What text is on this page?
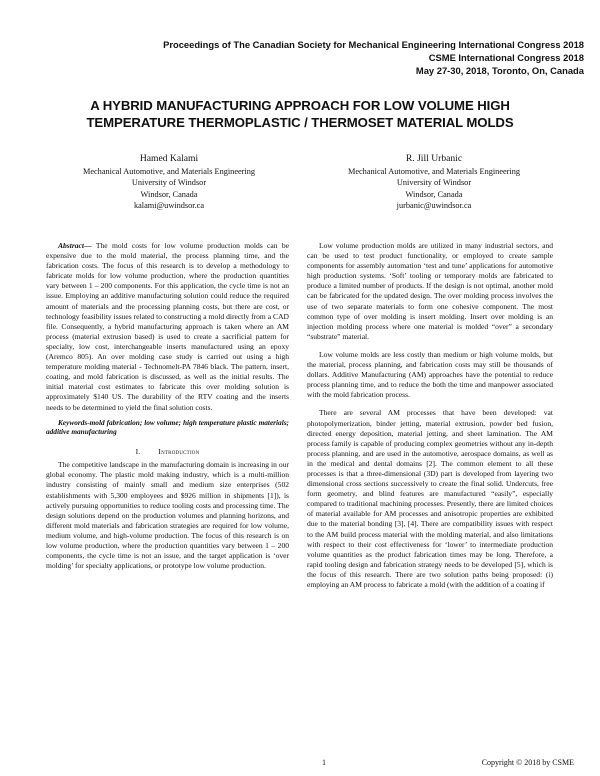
Proceedings of The Canadian Society for Mechanical Engineering International Congress 2018
CSME International Congress 2018
May 27-30, 2018, Toronto, On, Canada
A HYBRID MANUFACTURING APPROACH FOR LOW VOLUME HIGH
TEMPERATURE THERMOPLASTIC / THERMOSET MATERIAL MOLDS
Hamed Kalami
Mechanical Automotive, and Materials Engineering
University of Windsor
Windsor, Canada
kalami@uwindsor.ca
R. Jill Urbanic
Mechanical Automotive, and Materials Engineering
University of Windsor
Windsor, Canada
jurbanic@uwindsor.ca

Abstract— The mold costs for low volume production molds can be expensive due to the mold material, the process planning time, and the fabrication costs. The focus of this research is to develop a methodology to fabricate molds for low volume production, where the production quantities vary between 1 – 200 components. For this application, the cycle time is not an issue. Employing an additive manufacturing solution could reduce the required amount of materials and the processing planning costs, but there are cost, or technology feasibility issues related to constructing a mold directly from a CAD file. Consequently, a hybrid manufacturing approach is taken where an AM process (material extrusion based) is used to create a sacrificial pattern for specialty, low cost, interchangeable inserts manufactured using an epoxy (Aremco 805). An over molding case study is carried out using a high temperature molding material - Technomelt-PA 7846 black. The pattern, insert, coating, and mold fabrication is discussed, as well as the initial results. The initial material cost estimates to fabricate this over molding solution is approximately $140 US. The durability of the RTV coating and the inserts needs to be determined to yield the final solution costs.

Keywords-mold fabrication; low volume; high temperature plastic materials; additive manufacturing
I. Introduction

The competitive landscape in the manufacturing domain is increasing in our global economy. The plastic mold making industry, which is a multi-million industry consisting of mainly small and medium size enterprises (502 establishments with 5,300 employees and $926 million in shipments [1]), is actively pursuing opportunities to reduce tooling costs and processing time. The design solutions depend on the production volumes and planning horizons, and different mold materials and fabrication strategies are required for low volume, medium volume, and high-volume production. The focus of this research is on low volume production, where the production quantities vary between 1 – 200 components, the cycle time is not an issue, and the target application is ‘over molding’ for specialty applications, or prototype low volume production.

Low volume production molds are utilized in many industrial sectors, and can be used to test product functionality, or employed to create sample components for assembly automation ‘test and tune’ applications for automotive high production systems. ‘Soft’ tooling or temporary molds are fabricated to produce a limited number of products. If the design is not optimal, another mold can be fabricated for the updated design. The over molding process involves the use of two separate materials to form one cohesive component. The most common type of over molding is insert molding. Insert over molding is an injection molding process where one material is molded “over” a secondary “substrate” material.

Low volume molds are less costly than medium or high volume molds, but the material, process planning, and fabrication costs may still be thousands of dollars. Additive Manufacturing (AM) approaches have the potential to reduce process planning time, and to reduce the both the time and manpower associated with the mold fabrication process.

There are several AM processes that have been developed: vat photopolymerization, binder jetting, material extrusion, powder bed fusion, directed energy deposition, material jetting, and sheet lamination. The AM process family is capable of producing complex geometries without any in-depth process planning, and are used in the automotive, aerospace domains, as well as in the medical and dental domains [2]. The common element to all these processes is that a three-dimensional (3D) part is developed from layering two dimensional cross sections successively to create the final solid. Undercuts, free form geometry, and blind features are manufactured “easily”, especially compared to traditional machining processes. Presently, there are limited choices of material available for AM processes and anisotropic properties are exhibited due to the material bonding [3], [4]. There are compatibility issues with respect to the AM build process material with the molding material, and also limitations with respect to their cost effectiveness for ‘lower’ to intermediate production volume quantities as the product fabrication times may be long. Therefore, a rapid tooling design and fabrication strategy needs to be developed [5], which is the focus of this research. There are two solution paths being proposed: (i) employing an AM process to fabricate a mold (with the addition of a coating if

1	Copyright © 2018 by CSME
